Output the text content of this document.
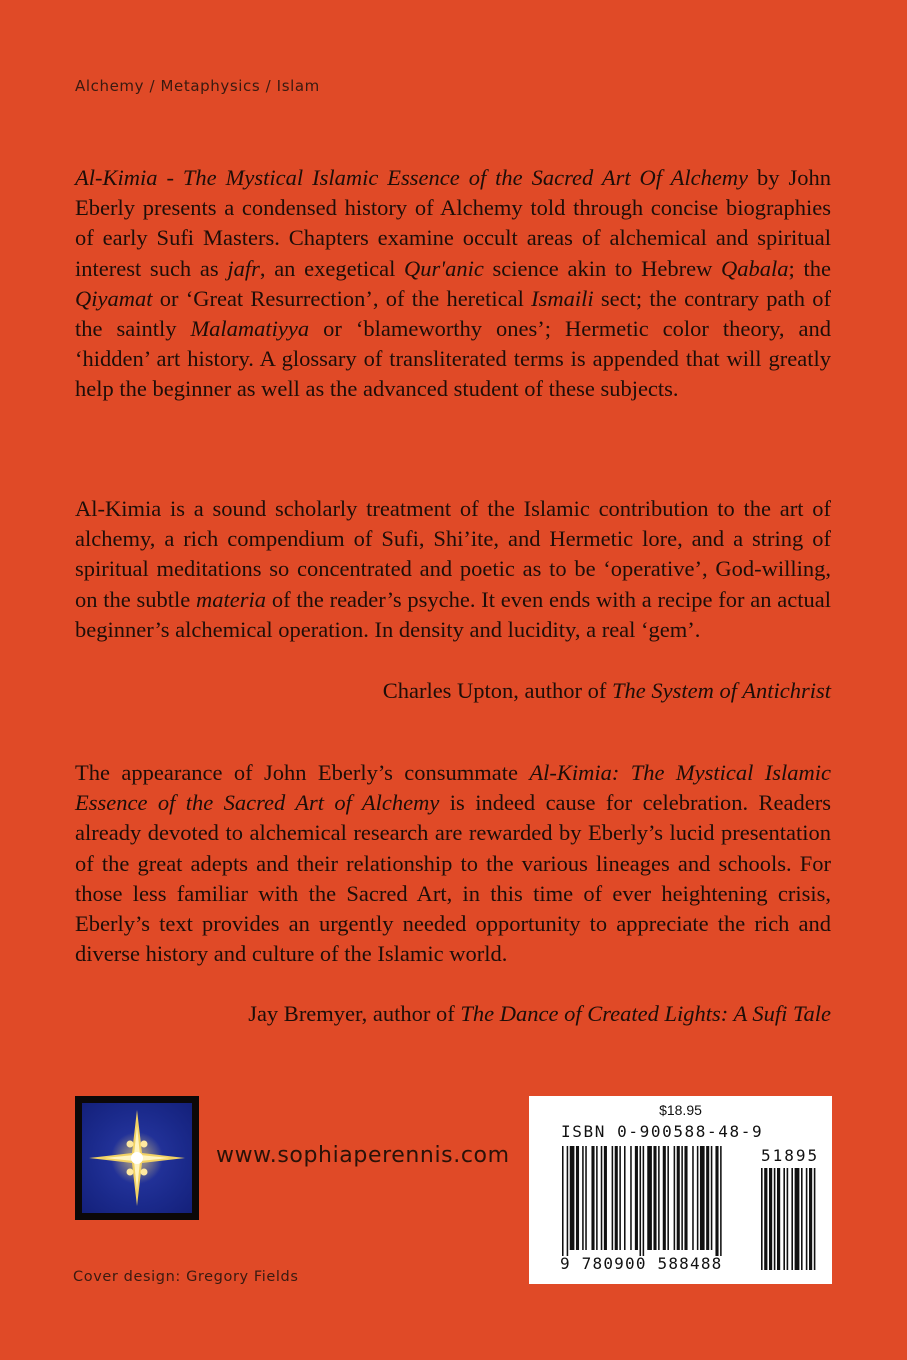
Alchemy / Metaphysics / Islam

Al-Kimia - The Mystical Islamic Essence of the Sacred Art Of Alchemy by John Eberly presents a condensed history of Alchemy told through concise biographies of early Sufi Masters. Chapters examine occult areas of alchemical and spiritual interest such as jafr, an exegetical Qur'anic science akin to Hebrew Qabala; the Qiyamat or ‘Great Resurrection’, of the heretical Ismaili sect; the contrary path of the saintly Malamatiyya or ‘blameworthy ones’; Hermetic color theory, and ‘hidden’ art history. A glossary of transliterated terms is appended that will greatly help the beginner as well as the advanced student of these subjects.

Al-Kimia is a sound scholarly treatment of the Islamic contribution to the art of alchemy, a rich compendium of Sufi, Shi’ite, and Hermetic lore, and a string of spiritual meditations so concentrated and poetic as to be ‘operative’, God-willing, on the subtle materia of the reader’s psyche. It even ends with a recipe for an actual beginner’s alchemical operation. In density and lucidity, a real ‘gem’.

Charles Upton, author of The System of Antichrist

The appearance of John Eberly’s consummate Al-Kimia: The Mystical Islamic Essence of the Sacred Art of Alchemy is indeed cause for celebration. Readers already devoted to alchemical research are rewarded by Eberly’s lucid presentation of the great adepts and their relationship to the various lineages and schools. For those less familiar with the Sacred Art, in this time of ever heightening crisis, Eberly’s text provides an urgently needed opportunity to appreciate the rich and diverse history and culture of the Islamic world.

Jay Bremyer, author of The Dance of Created Lights: A Sufi Tale
www.sophiaperennis.com
Cover design: Gregory Fields
$18.95
ISBN 0-900588-48-9
51895
9 780900 588488
